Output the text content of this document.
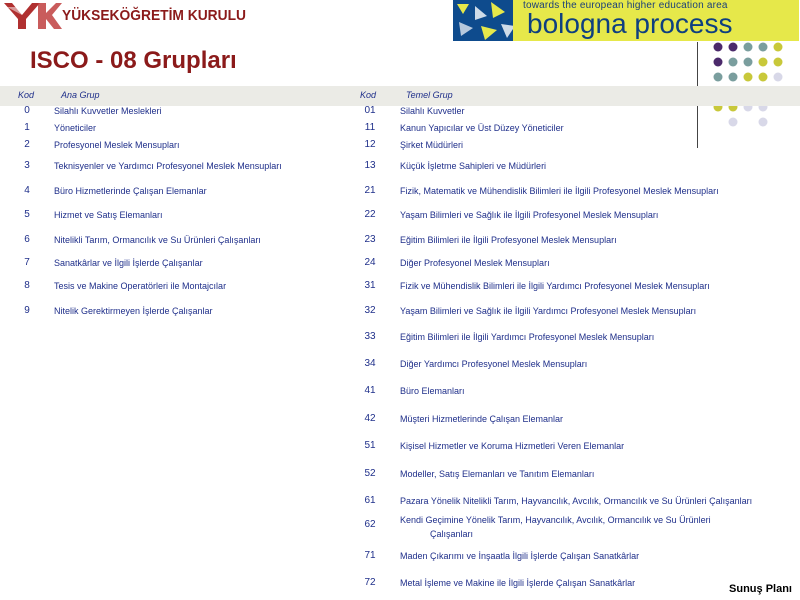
YÜKSEKÖĞRETİM KURULU
towards the european higher education area
bologna process
ISCO - 08 Grupları
Kod	Ana Grup	Kod	Temel Grup
0	Silahlı Kuvvetler Meslekleri
1	Yöneticiler
2	Profesyonel Meslek Mensupları
3	Teknisyenler ve Yardımcı Profesyonel Meslek Mensupları
4	Büro Hizmetlerinde Çalışan Elemanlar
5	Hizmet ve Satış Elemanları
6	Nitelikli Tarım, Ormancılık ve Su Ürünleri Çalışanları
7	Sanatkârlar ve İlgili İşlerde Çalışanlar
8	Tesis ve Makine Operatörleri ile Montajcılar
9	Nitelik Gerektirmeyen İşlerde Çalışanlar
01	Silahlı Kuvvetler
11	Kanun Yapıcılar ve Üst Düzey Yöneticiler
12	Şirket Müdürleri
13	Küçük İşletme Sahipleri ve Müdürleri
21	Fizik, Matematik ve Mühendislik Bilimleri ile İlgili Profesyonel Meslek Mensupları
22	Yaşam Bilimleri ve Sağlık ile İlgili Profesyonel Meslek Mensupları
23	Eğitim Bilimleri ile İlgili Profesyonel Meslek Mensupları
24	Diğer Profesyonel Meslek Mensupları
31	Fizik ve Mühendislik Bilimleri ile İlgili Yardımcı Profesyonel Meslek Mensupları
32	Yaşam Bilimleri ve Sağlık ile İlgili Yardımcı Profesyonel Meslek Mensupları
33	Eğitim Bilimleri ile İlgili Yardımcı Profesyonel Meslek Mensupları
34	Diğer Yardımcı Profesyonel Meslek Mensupları
41	Büro Elemanları
42	Müşteri Hizmetlerinde Çalışan Elemanlar
51	Kişisel Hizmetler ve Koruma Hizmetleri Veren Elemanlar
52	Modeller, Satış Elemanları ve Tanıtım Elemanları
61	Pazara Yönelik Nitelikli Tarım, Hayvancılık, Avcılık, Ormancılık ve Su Ürünleri Çalışanları
62	Kendi Geçimine Yönelik Tarım, Hayvancılık, Avcılık, Ormancılık ve Su Ürünleri
Çalışanları
71	Maden Çıkarımı ve İnşaatla İlgili İşlerde Çalışan Sanatkârlar
72	Metal İşleme ve Makine ile İlgili İşlerde Çalışan Sanatkârlar	Sunuş Planı
